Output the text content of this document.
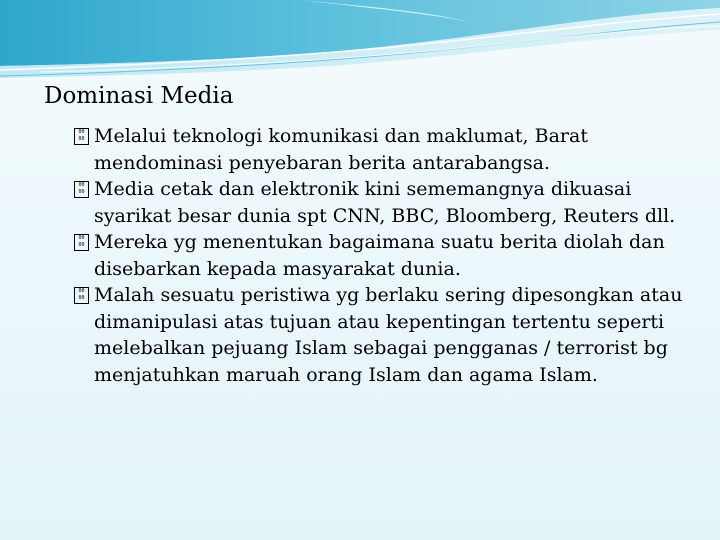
Dominasi Media
00
00 Melalui teknologi komunikasi dan maklumat, Barat mendominasi penyebaran berita antarabangsa.
00
00 Media cetak dan elektronik kini sememangnya dikuasai syarikat besar dunia spt CNN, BBC, Bloomberg, Reuters dll.
00
00 Mereka yg menentukan bagaimana suatu berita diolah dan disebarkan kepada masyarakat dunia.
00
00 Malah sesuatu peristiwa yg berlaku sering dipesongkan atau dimanipulasi atas tujuan atau kepentingan tertentu seperti melebalkan pejuang Islam sebagai pengganas / terrorist bg menjatuhkan maruah orang Islam dan agama Islam.
